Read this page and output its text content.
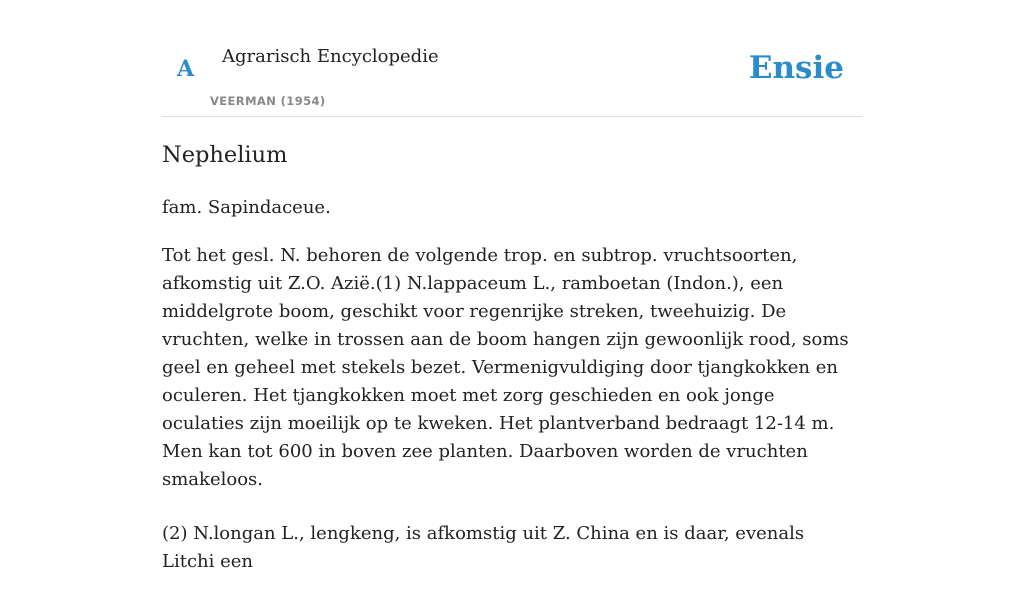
A Agrarisch Encyclopedie
VEERMAN (1954)
Ensie
Nephelium

fam. Sapindaceue.

Tot het gesl. N. behoren de volgende trop. en subtrop. vruchtsoorten, afkomstig uit Z.O. Azië.(1) N.lappaceum L., ramboetan (Indon.), een middelgrote boom, geschikt voor regenrijke streken, tweehuizig. De vruchten, welke in trossen aan de boom hangen zijn gewoonlijk rood, soms geel en geheel met stekels bezet. Vermenigvuldiging door tjangkokken en oculeren. Het tjangkokken moet met zorg geschieden en ook jonge oculaties zijn moeilijk op te kweken. Het plantverband bedraagt 12-14 m. Men kan tot 600 in boven zee planten. Daarboven worden de vruchten smakeloos.

(2) N.longan L., lengkeng, is afkomstig uit Z. China en is daar, evenals Litchi een
